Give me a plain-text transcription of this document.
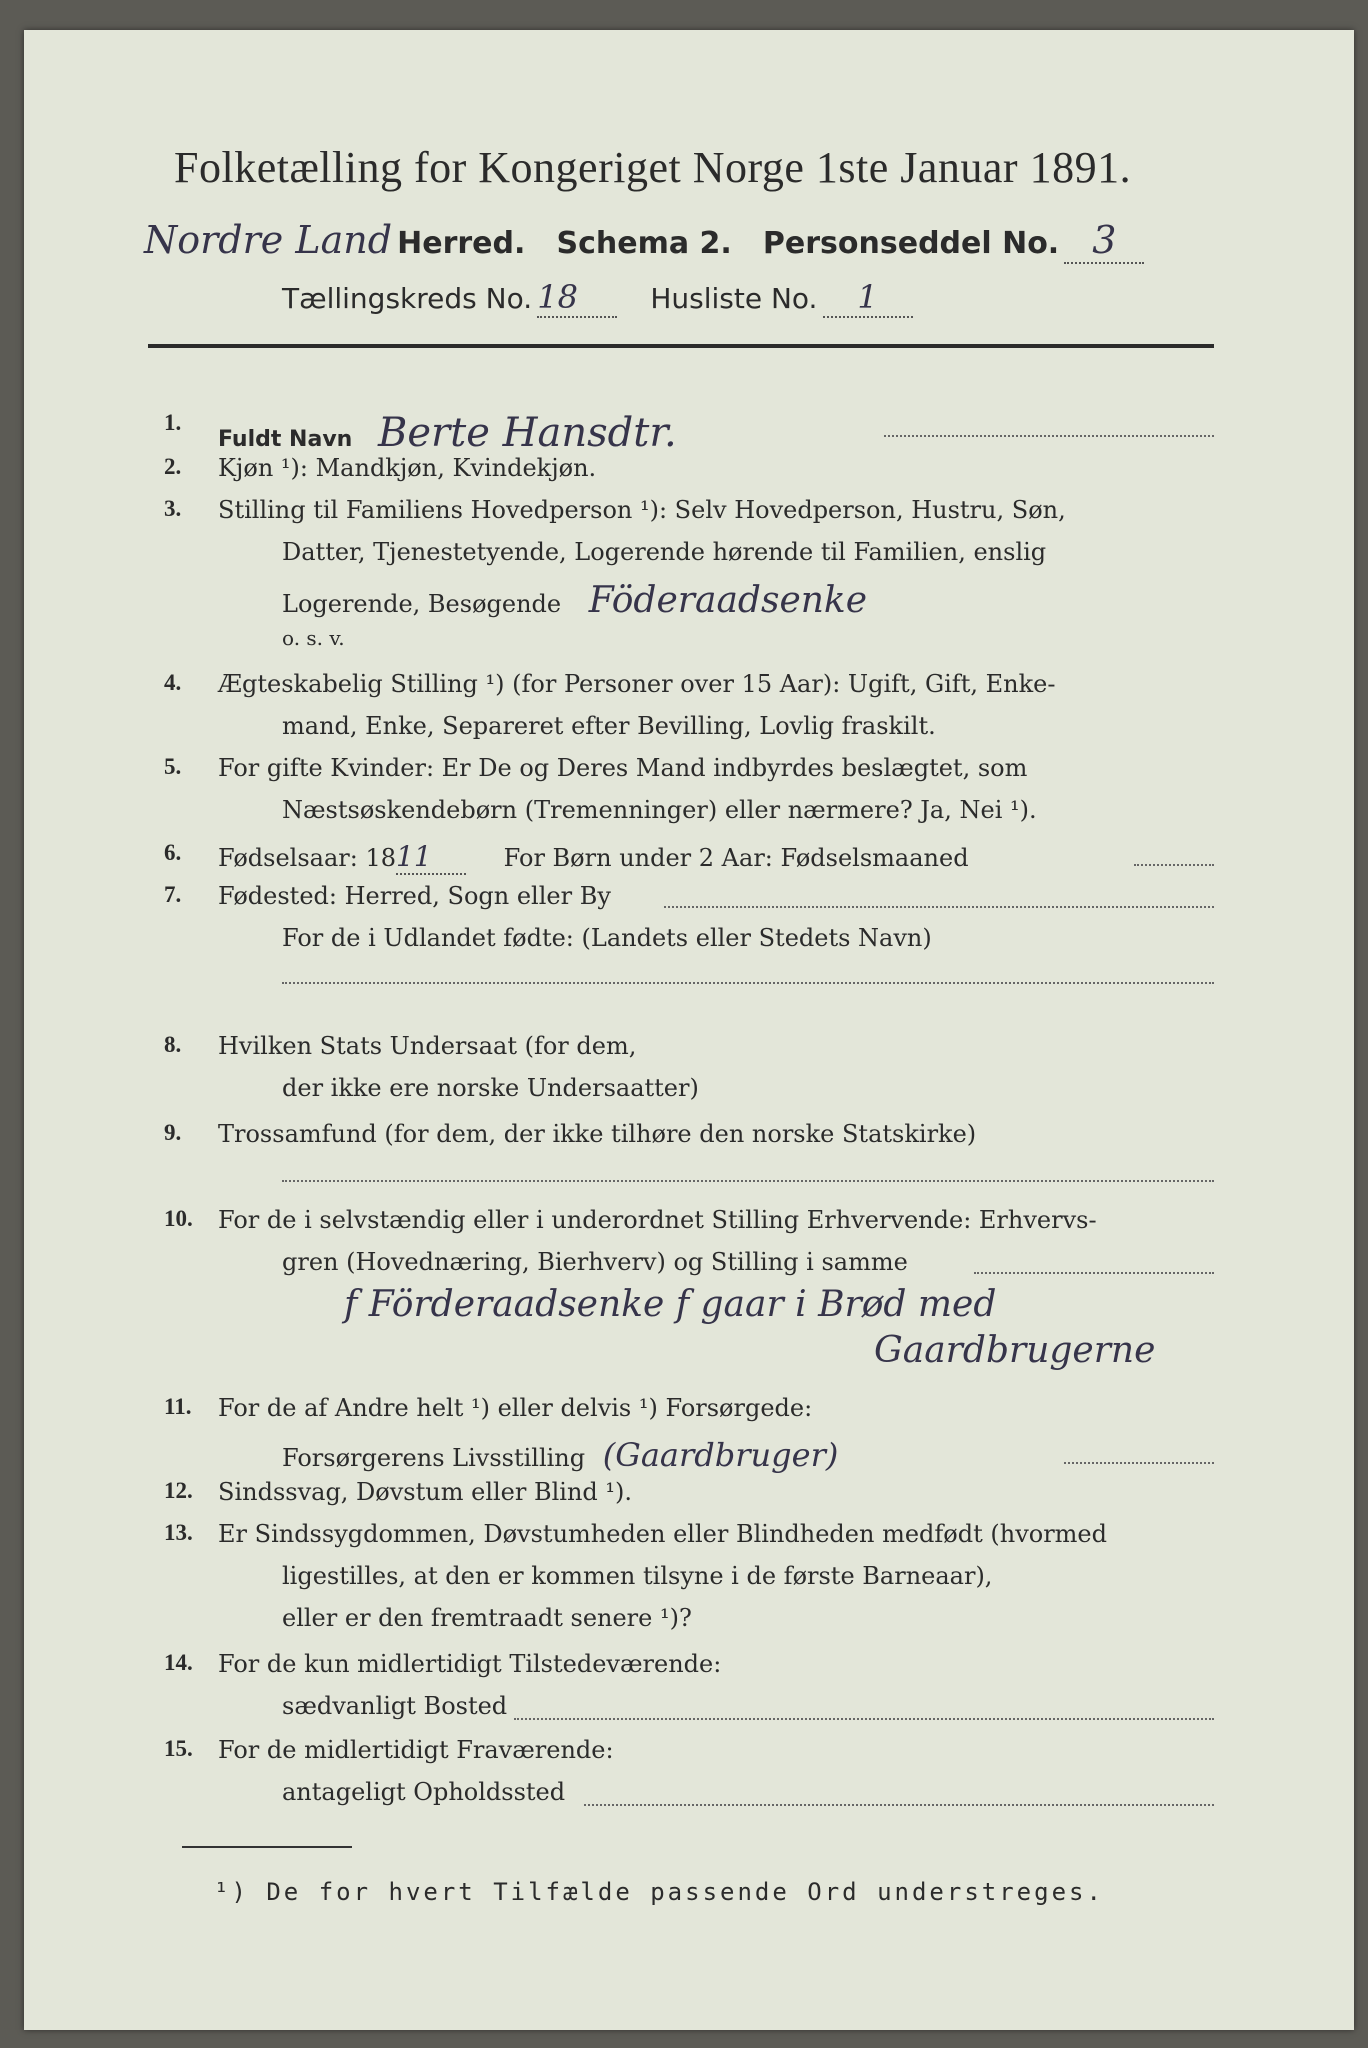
Folketælling for Kongeriget Norge 1ste Januar 1891.
Nordre Land Herred. Schema 2. Personseddel No. 3
Tællingskreds No. 18	Husliste No. 1
1.
Fuldt Navn Berte Hansdtr.
2. Kjøn ¹): Mandkjøn, Kvindekjøn.
3. Stilling til Familiens Hovedperson ¹): Selv Hovedperson, Hustru, Søn,
Datter, Tjenestetyende, Logerende hørende til Familien, enslig
Logerende, Besøgende Föderaadsenke
o. s. v.
4. Ægteskabelig Stilling ¹) (for Personer over 15 Aar): Ugift, Gift, Enke-
mand, Enke, Separeret efter Bevilling, Lovlig fraskilt.
5. For gifte Kvinder: Er De og Deres Mand indbyrdes beslægtet, som
Næstsøskendebørn (Tremenninger) eller nærmere? Ja, Nei ¹).
6. Fødselsaar: 1811	For Børn under 2 Aar: Fødselsmaaned
7. Fødested: Herred, Sogn eller By
For de i Udlandet fødte: (Landets eller Stedets Navn)
8. Hvilken Stats Undersaat (for dem,
der ikke ere norske Undersaatter)
9. Trossamfund (for dem, der ikke tilhøre den norske Statskirke)
10. For de i selvstændig eller i underordnet Stilling Erhvervende: Erhvervs-
gren (Hovednæring, Bierhverv) og Stilling i samme
f Förderaadsenke f gaar i Brød med
Gaardbrugerne
11. For de af Andre helt ¹) eller delvis ¹) Forsørgede:
Forsørgerens Livsstilling (Gaardbruger)
12. Sindssvag, Døvstum eller Blind ¹).
13. Er Sindssygdommen, Døvstumheden eller Blindheden medfødt (hvormed
ligestilles, at den er kommen tilsyne i de første Barneaar),
eller er den fremtraadt senere ¹)?
14. For de kun midlertidigt Tilstedeværende:
sædvanligt Bosted
15. For de midlertidigt Fraværende:
antageligt Opholdssted
¹) De for hvert Tilfælde passende Ord understreges.
